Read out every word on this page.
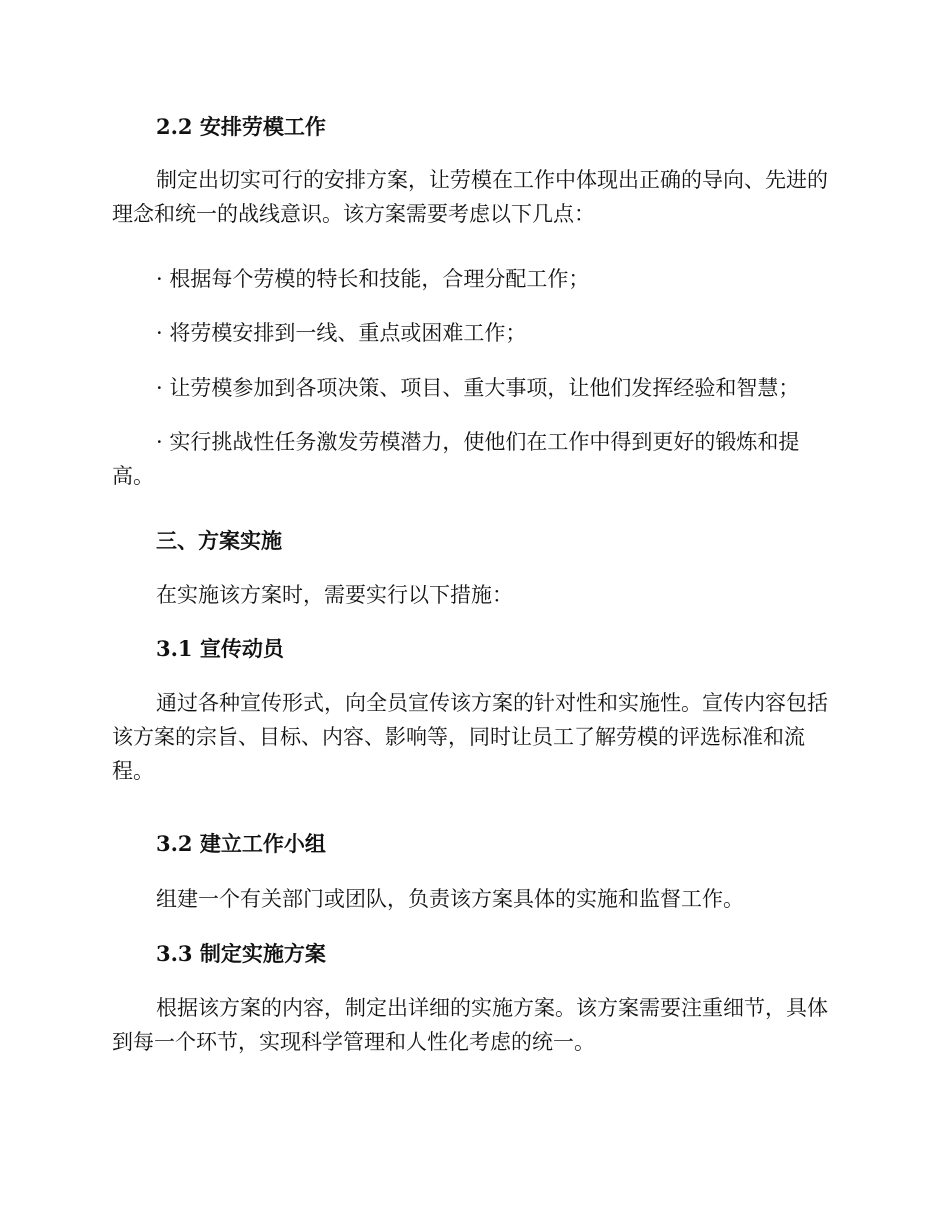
2.2 安排劳模工作

制定出切实可行的安排方案，让劳模在工作中体现出正确的导向、先进的理念和统一的战线意识。该方案需要考虑以下几点：

· 根据每个劳模的特长和技能，合理分配工作；

· 将劳模安排到一线、重点或困难工作；

· 让劳模参加到各项决策、项目、重大事项，让他们发挥经验和智慧；

· 实行挑战性任务激发劳模潜力，使他们在工作中得到更好的锻炼和提高。

三、方案实施

在实施该方案时，需要实行以下措施：

3.1 宣传动员

通过各种宣传形式，向全员宣传该方案的针对性和实施性。宣传内容包括该方案的宗旨、目标、内容、影响等，同时让员工了解劳模的评选标准和流程。

3.2 建立工作小组

组建一个有关部门或团队，负责该方案具体的实施和监督工作。

3.3 制定实施方案

根据该方案的内容，制定出详细的实施方案。该方案需要注重细节，具体到每一个环节，实现科学管理和人性化考虑的统一。
